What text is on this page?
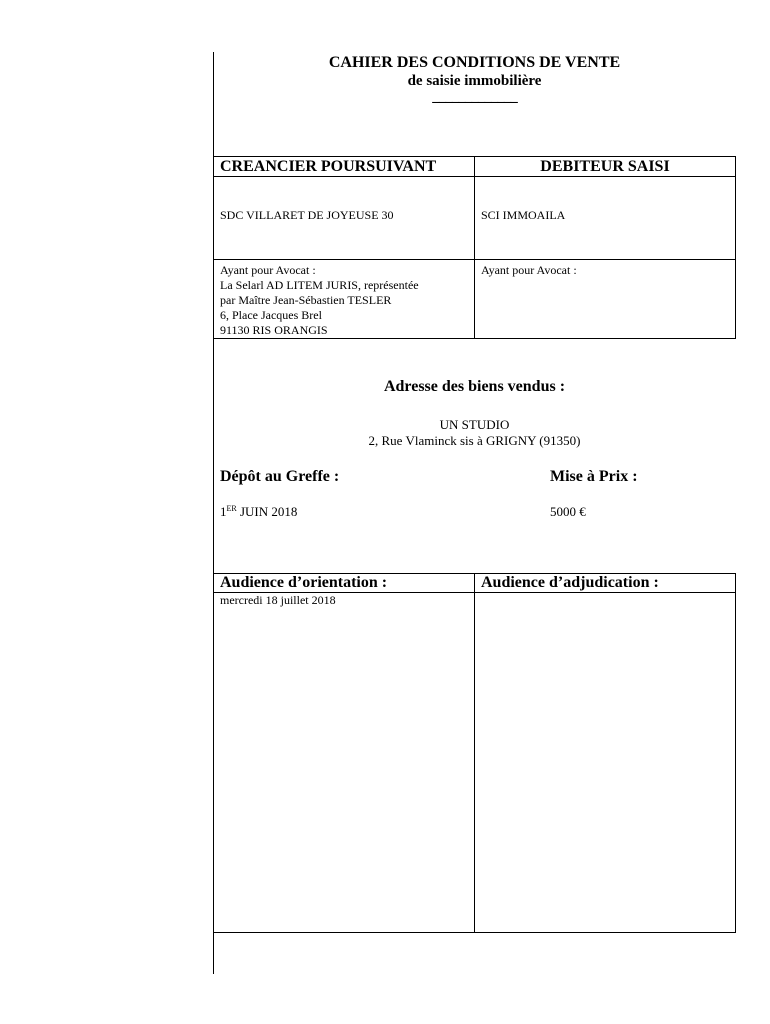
CAHIER DES CONDITIONS DE VENTE
de saisie immobilière
_____________
CREANCIER POURSUIVANT	DEBITEUR SAISI
SDC VILLARET DE JOYEUSE 30	SCI IMMOAILA

Ayant pour Avocat :
La Selarl AD LITEM JURIS, représentée
par Maître Jean-Sébastien TESLER
6, Place Jacques Brel
91130 RIS ORANGIS	Ayant pour Avocat :
Adresse des biens vendus :
UN STUDIO
2, Rue Vlaminck sis à GRIGNY (91350)
Dépôt au Greffe :	Mise à Prix :
1ER JUIN 2018	5000 €
Audience d’orientation :	Audience d’adjudication :
mercredi 18 juillet 2018	
